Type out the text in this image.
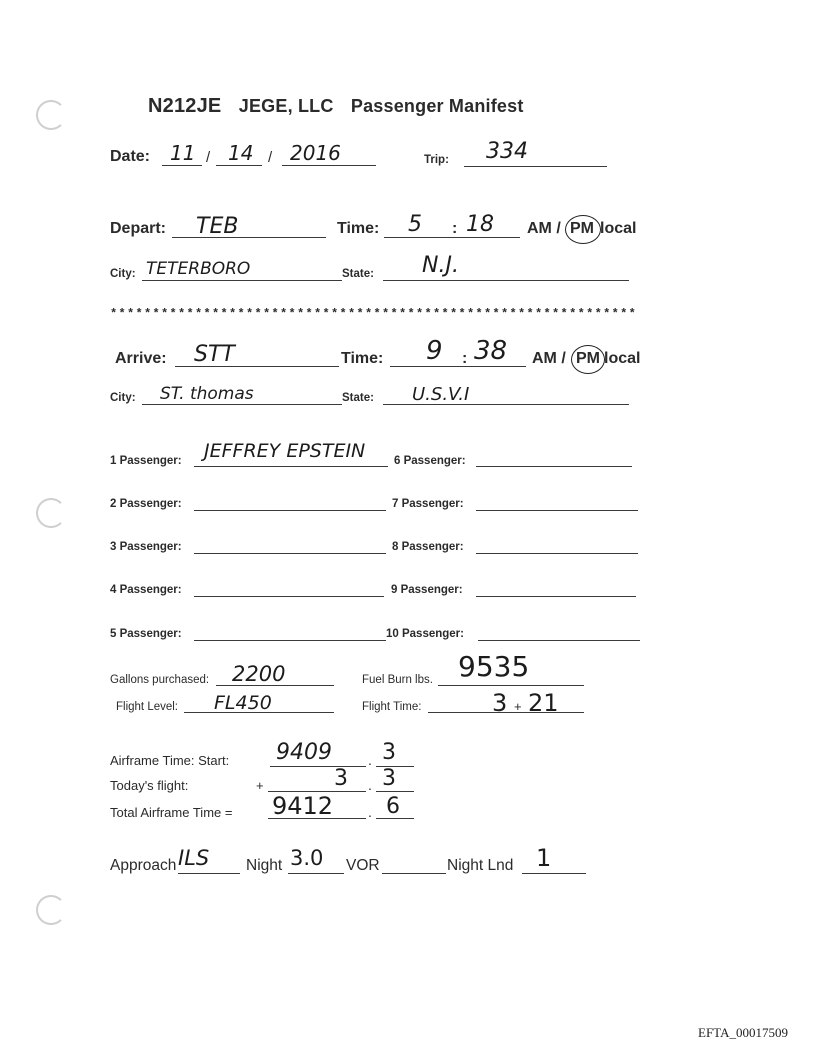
N212JE JEGE, LLC Passenger Manifest
Date: 11 / 14 / 2016	Trip: 334
Depart: TEB	Time: 5 : 18 AM / PM local
City: TETERBORO	State: N.J.
**************************************************************
Arrive: STT	Time: 9 : 38 AM / PM local
City: ST. thomas	State: U.S.V.I
1 Passenger: JEFFREY EPSTEIN
2 Passenger:
3 Passenger:
4 Passenger:
5 Passenger:
6 Passenger:
7 Passenger:
8 Passenger:
9 Passenger:
10 Passenger:
Gallons purchased: 2200	Fuel Burn lbs. 9535
Flight Level: FL450	Flight Time:	3 + 21
Airframe Time: Start: 9409	. 3
Today's flight:	+	3 . 3
Total Airframe Time = 9412 . 6
Approach ILS Night 3.0 VOR	Night Lnd 1
EFTA_00017509
